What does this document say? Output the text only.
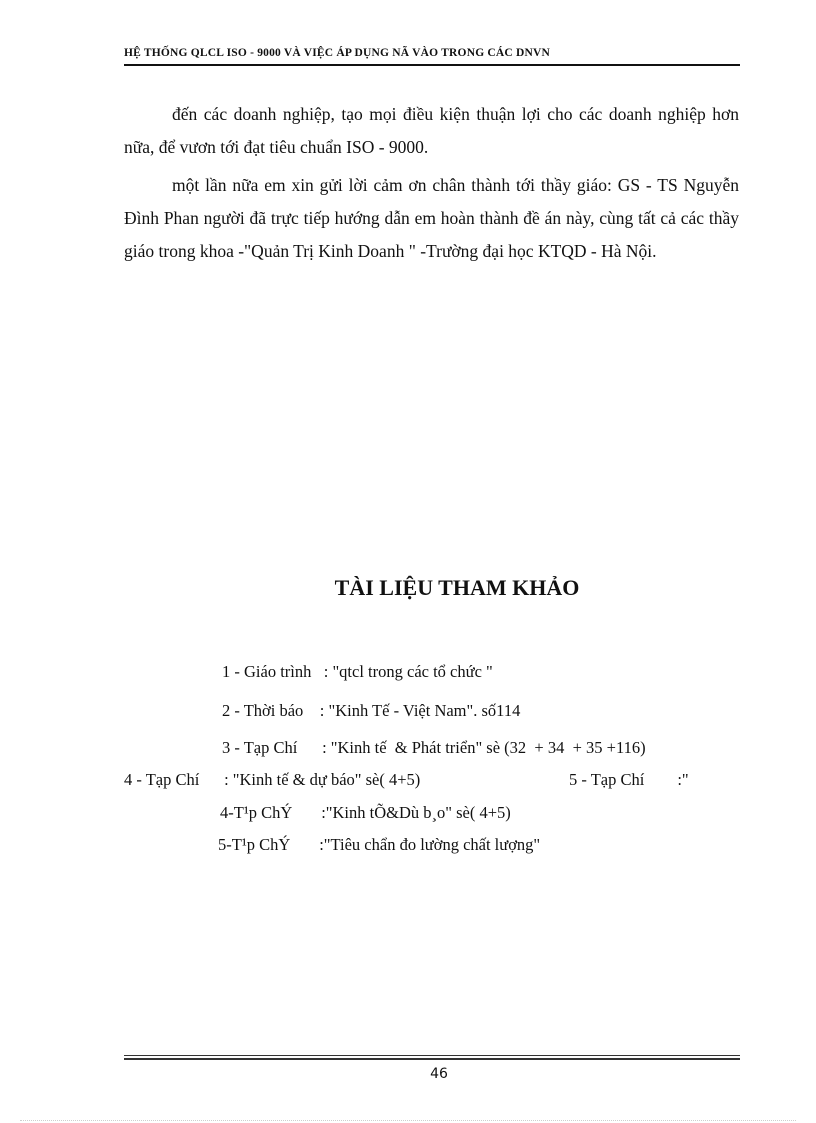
HỆ THỐNG QLCL ISO - 9000 VÀ VIỆC ÁP DỤNG NÃ VÀO TRONG CÁC DNVN

đến các doanh nghiệp, tạo mọi điều kiện thuận lợi cho các doanh nghiệp hơn nữa, để vươn tới đạt tiêu chuẩn ISO - 9000.

một lần nữa em xin gửi lời cảm ơn chân thành tới thầy giáo: GS - TS Nguyễn Đình Phan người đã trực tiếp hướng dẫn em hoàn thành đề án này, cùng tất cả các thầy giáo trong khoa -"Quản Trị Kinh Doanh " -Trường đại học KTQD - Hà Nội.

TÀI LIỆU THAM KHẢO
1 - Giáo trình   : "qtcl trong các tổ chức "
2 - Thời báo    : "Kinh Tế - Việt Nam". số114
3 - Tạp Chí      : "Kinh tế  & Phát triển" sè (32  + 34  + 35 +116)
4 - Tạp Chí      : "Kinh tế & dự báo" sè( 4+5)	5 - Tạp Chí        :"
4-T¹p ChÝ       :"Kinh tÕ&Dù b¸o" sè( 4+5)
5-T¹p ChÝ       :"Tiêu chẩn đo lường chất lượng"
46
